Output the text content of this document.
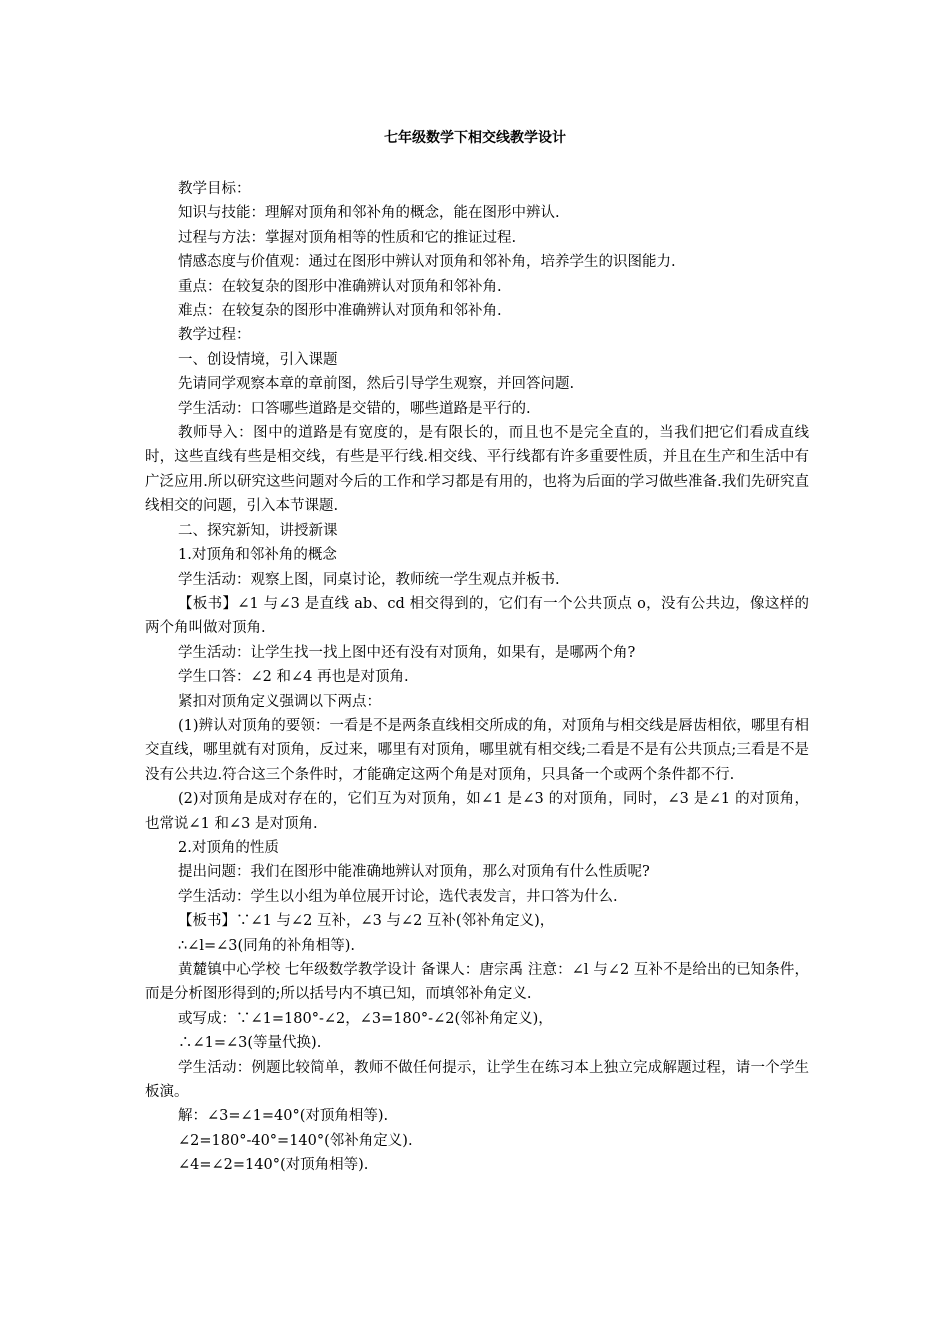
七年级数学下相交线教学设计

教学目标：

知识与技能：理解对顶角和邻补角的概念，能在图形中辨认.

过程与方法：掌握对顶角相等的性质和它的推证过程.

情感态度与价值观：通过在图形中辨认对顶角和邻补角，培养学生的识图能力.

重点：在较复杂的图形中准确辨认对顶角和邻补角.

难点：在较复杂的图形中准确辨认对顶角和邻补角.

教学过程：

一、创设情境，引入课题

先请同学观察本章的章前图，然后引导学生观察，并回答问题.

学生活动：口答哪些道路是交错的，哪些道路是平行的.

教师导入：图中的道路是有宽度的，是有限长的，而且也不是完全直的，当我们把它们看成直线时，这些直线有些是相交线，有些是平行线.相交线、平行线都有许多重要性质，并且在生产和生活中有广泛应用.所以研究这些问题对今后的工作和学习都是有用的，也将为后面的学习做些准备.我们先研究直线相交的问题，引入本节课题.

二、探究新知，讲授新课

1.对顶角和邻补角的概念

学生活动：观察上图，同桌讨论，教师统一学生观点并板书.

【板书】∠1 与∠3 是直线 ab、cd 相交得到的，它们有一个公共顶点 o，没有公共边，像这样的两个角叫做对顶角.

学生活动：让学生找一找上图中还有没有对顶角，如果有，是哪两个角?

学生口答：∠2 和∠4 再也是对顶角.

紧扣对顶角定义强调以下两点：

(1)辨认对顶角的要领：一看是不是两条直线相交所成的角，对顶角与相交线是唇齿相依，哪里有相交直线，哪里就有对顶角，反过来，哪里有对顶角，哪里就有相交线;二看是不是有公共顶点;三看是不是没有公共边.符合这三个条件时，才能确定这两个角是对顶角，只具备一个或两个条件都不行.

(2)对顶角是成对存在的，它们互为对顶角，如∠1 是∠3 的对顶角，同时，∠3 是∠1 的对顶角，也常说∠1 和∠3 是对顶角.

2.对顶角的性质

提出问题：我们在图形中能准确地辨认对顶角，那么对顶角有什么性质呢?

学生活动：学生以小组为单位展开讨论，选代表发言，井口答为什么.

【板书】∵∠1 与∠2 互补，∠3 与∠2 互补(邻补角定义)，

∴∠l=∠3(同角的补角相等).

黄麓镇中心学校 七年级数学教学设计 备课人：唐宗禹 注意：∠l 与∠2 互补不是给出的已知条件，而是分析图形得到的;所以括号内不填已知，而填邻补角定义.

或写成：∵∠1=180°-∠2，∠3=180°-∠2(邻补角定义)，

∴∠1=∠3(等量代换).

学生活动：例题比较简单，教师不做任何提示，让学生在练习本上独立完成解题过程，请一个学生板演。

解：∠3=∠1=40°(对顶角相等).

∠2=180°-40°=140°(邻补角定义).

∠4=∠2=140°(对顶角相等).
